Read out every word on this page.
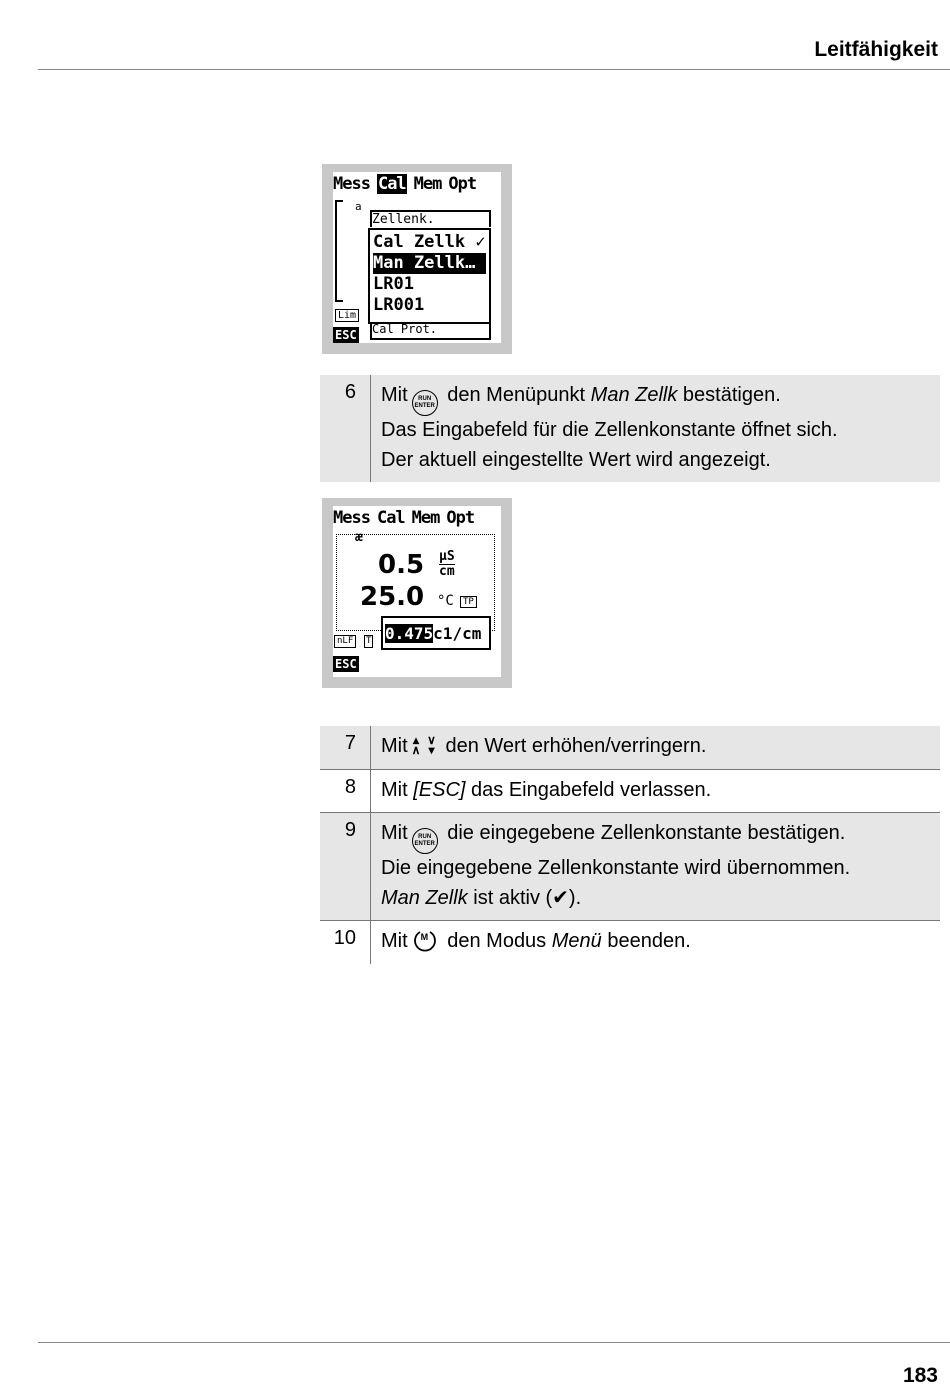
Leitfähigkeit
Mess Cal Mem Opt
a
Zellenk.
Cal Zellk ✓
Man Zellk…
LR01
LR001
Cal Prot.
Lim
ESC
6	Mit RUN
ENTER den Menüpunkt Man Zellk bestätigen.
Das Eingabefeld für die Zellenkonstante öffnet sich.
Der aktuell eingestellte Wert wird angezeigt.
Mess Cal Mem Opt
æ
0.5 µS
cm
25.0 °C	TP
nLF	T 0.475c1/cm
ESC
7	Mit ▴
∧  ∨
▾ den Wert erhöhen/verringern.
8	Mit [ESC] das Eingabefeld verlassen.
9	Mit RUN
ENTER die eingegebene Zellenkonstante bestätigen.
Die eingegebene Zellenkonstante wird übernommen.
Man Zellk ist aktiv (✔).
10	Mit M den Modus Menü beenden.
183
